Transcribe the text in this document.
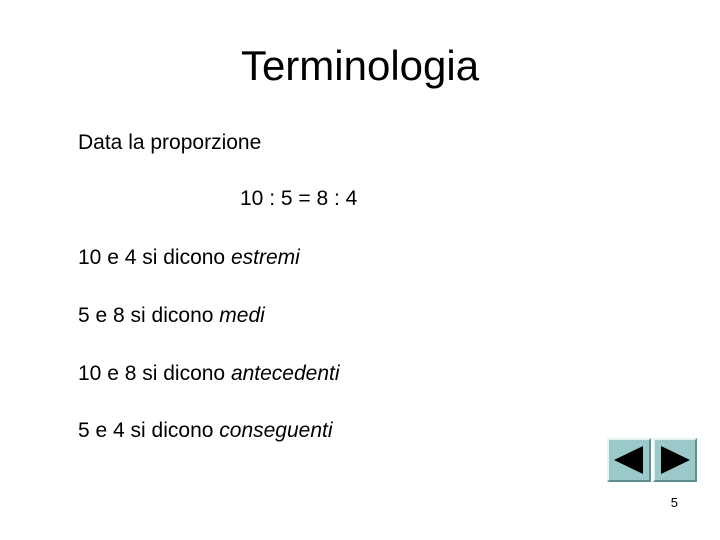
Terminologia
Data la proporzione
10 : 5 = 8 : 4
10 e 4 si dicono estremi
5 e 8 si dicono medi
10 e 8 si dicono antecedenti
5 e 4 si dicono conseguenti
5
